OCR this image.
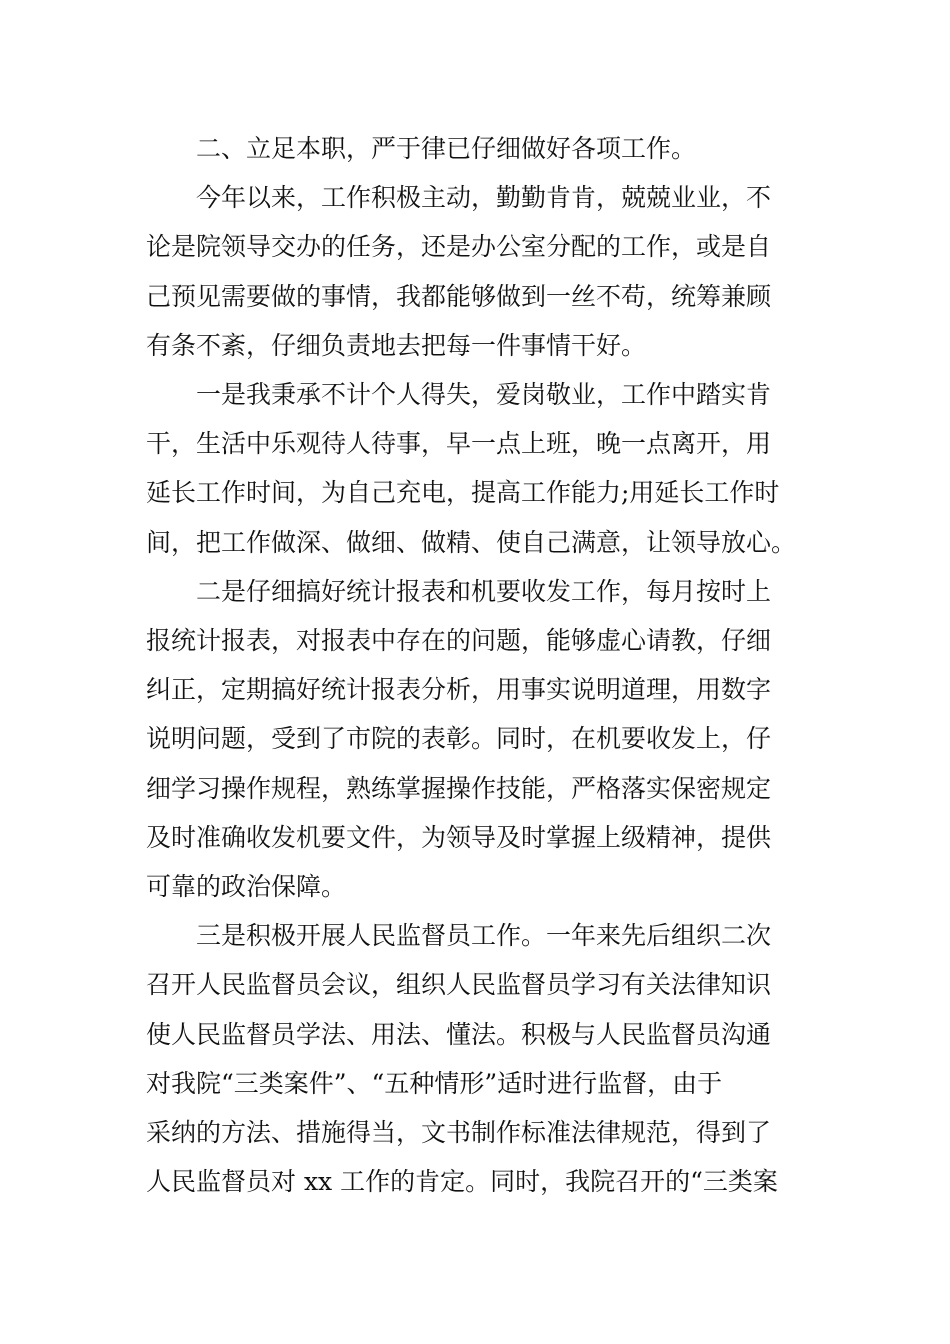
二、立足本职，严于律已仔细做好各项工作。

今年以来，工作积极主动，勤勤肯肯，兢兢业业，不
论是院领导交办的任务，还是办公室分配的工作，或是自
己预见需要做的事情，我都能够做到一丝不苟，统筹兼顾
有条不紊，仔细负责地去把每一件事情干好。

一是我秉承不计个人得失，爱岗敬业，工作中踏实肯
干，生活中乐观待人待事，早一点上班，晚一点离开，用
延长工作时间，为自己充电，提高工作能力;用延长工作时
间，把工作做深、做细、做精、使自己满意，让领导放心。

二是仔细搞好统计报表和机要收发工作，每月按时上
报统计报表，对报表中存在的问题，能够虚心请教，仔细
纠正，定期搞好统计报表分析，用事实说明道理，用数字
说明问题，受到了市院的表彰。同时，在机要收发上，仔
细学习操作规程，熟练掌握操作技能，严格落实保密规定
及时准确收发机要文件，为领导及时掌握上级精神，提供
可靠的政治保障。

三是积极开展人民监督员工作。一年来先后组织二次
召开人民监督员会议，组织人民监督员学习有关法律知识
使人民监督员学法、用法、懂法。积极与人民监督员沟通
对我院“三类案件”、“五种情形”适时进行监督，由于
采纳的方法、措施得当，文书制作标准法律规范，得到了
人民监督员对 xx 工作的肯定。同时，我院召开的“三类案
